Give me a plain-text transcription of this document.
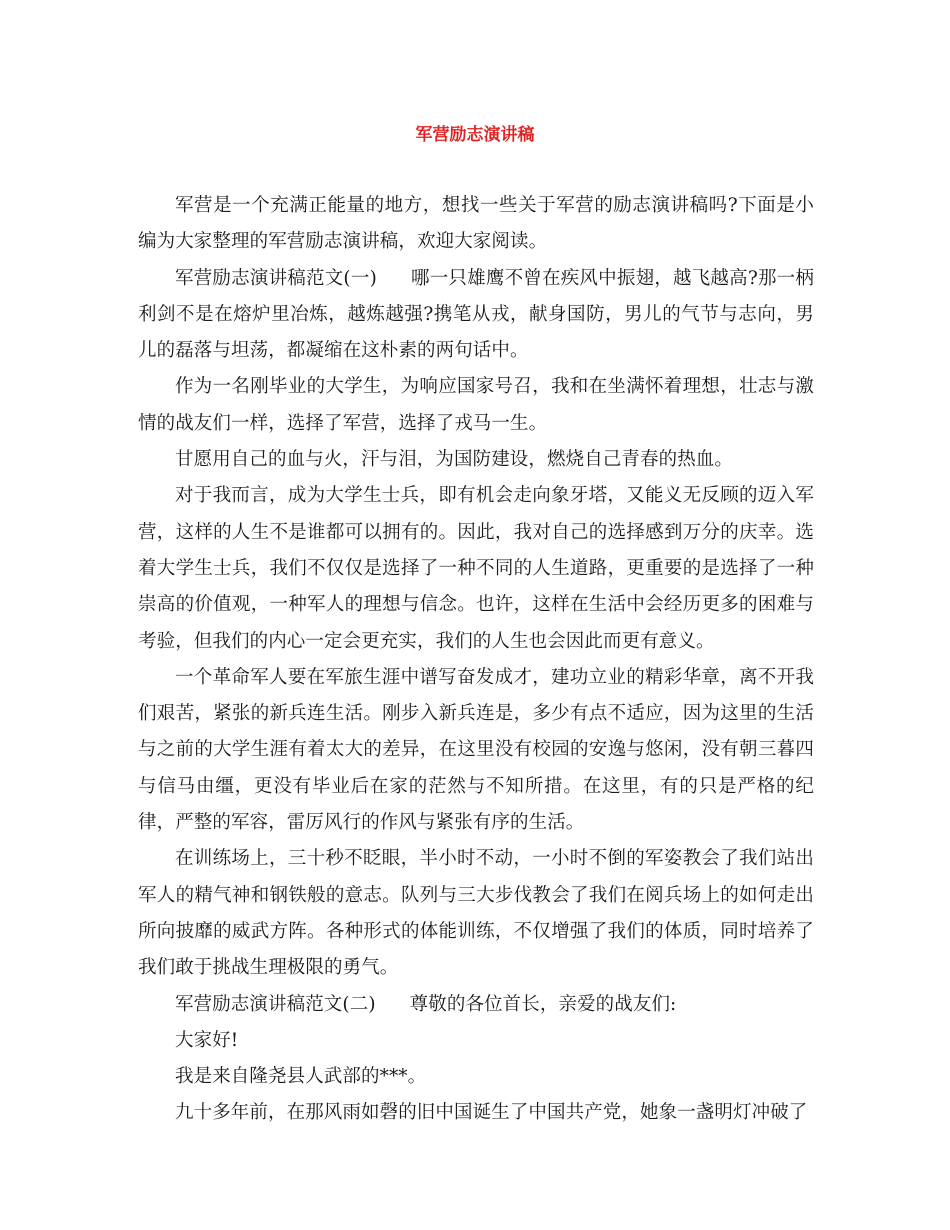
军营励志演讲稿

军营是一个充满正能量的地方，想找一些关于军营的励志演讲稿吗?下面是小编为大家整理的军营励志演讲稿，欢迎大家阅读。

军营励志演讲稿范文(一) 哪一只雄鹰不曾在疾风中振翅，越飞越高?那一柄利剑不是在熔炉里冶炼，越炼越强?携笔从戎，献身国防，男儿的气节与志向，男儿的磊落与坦荡，都凝缩在这朴素的两句话中。

作为一名刚毕业的大学生，为响应国家号召，我和在坐满怀着理想，壮志与激情的战友们一样，选择了军营，选择了戎马一生。

甘愿用自己的血与火，汗与泪，为国防建设，燃烧自己青春的热血。

对于我而言，成为大学生士兵，即有机会走向象牙塔，又能义无反顾的迈入军营，这样的人生不是谁都可以拥有的。因此，我对自己的选择感到万分的庆幸。选着大学生士兵，我们不仅仅是选择了一种不同的人生道路，更重要的是选择了一种崇高的价值观，一种军人的理想与信念。也许，这样在生活中会经历更多的困难与考验，但我们的内心一定会更充实，我们的人生也会因此而更有意义。

一个革命军人要在军旅生涯中谱写奋发成才，建功立业的精彩华章，离不开我们艰苦，紧张的新兵连生活。刚步入新兵连是，多少有点不适应，因为这里的生活与之前的大学生涯有着太大的差异，在这里没有校园的安逸与悠闲，没有朝三暮四与信马由缰，更没有毕业后在家的茫然与不知所措。在这里，有的只是严格的纪律，严整的军容，雷厉风行的作风与紧张有序的生活。

在训练场上，三十秒不眨眼，半小时不动，一小时不倒的军姿教会了我们站出军人的精气神和钢铁般的意志。队列与三大步伐教会了我们在阅兵场上的如何走出所向披靡的威武方阵。各种形式的体能训练，不仅增强了我们的体质，同时培养了我们敢于挑战生理极限的勇气。

军营励志演讲稿范文(二) 尊敬的各位首长，亲爱的战友们:

大家好!

我是来自隆尧县人武部的***。

九十多年前，在那风雨如磬的旧中国诞生了中国共产党，她象一盏明灯冲破了
